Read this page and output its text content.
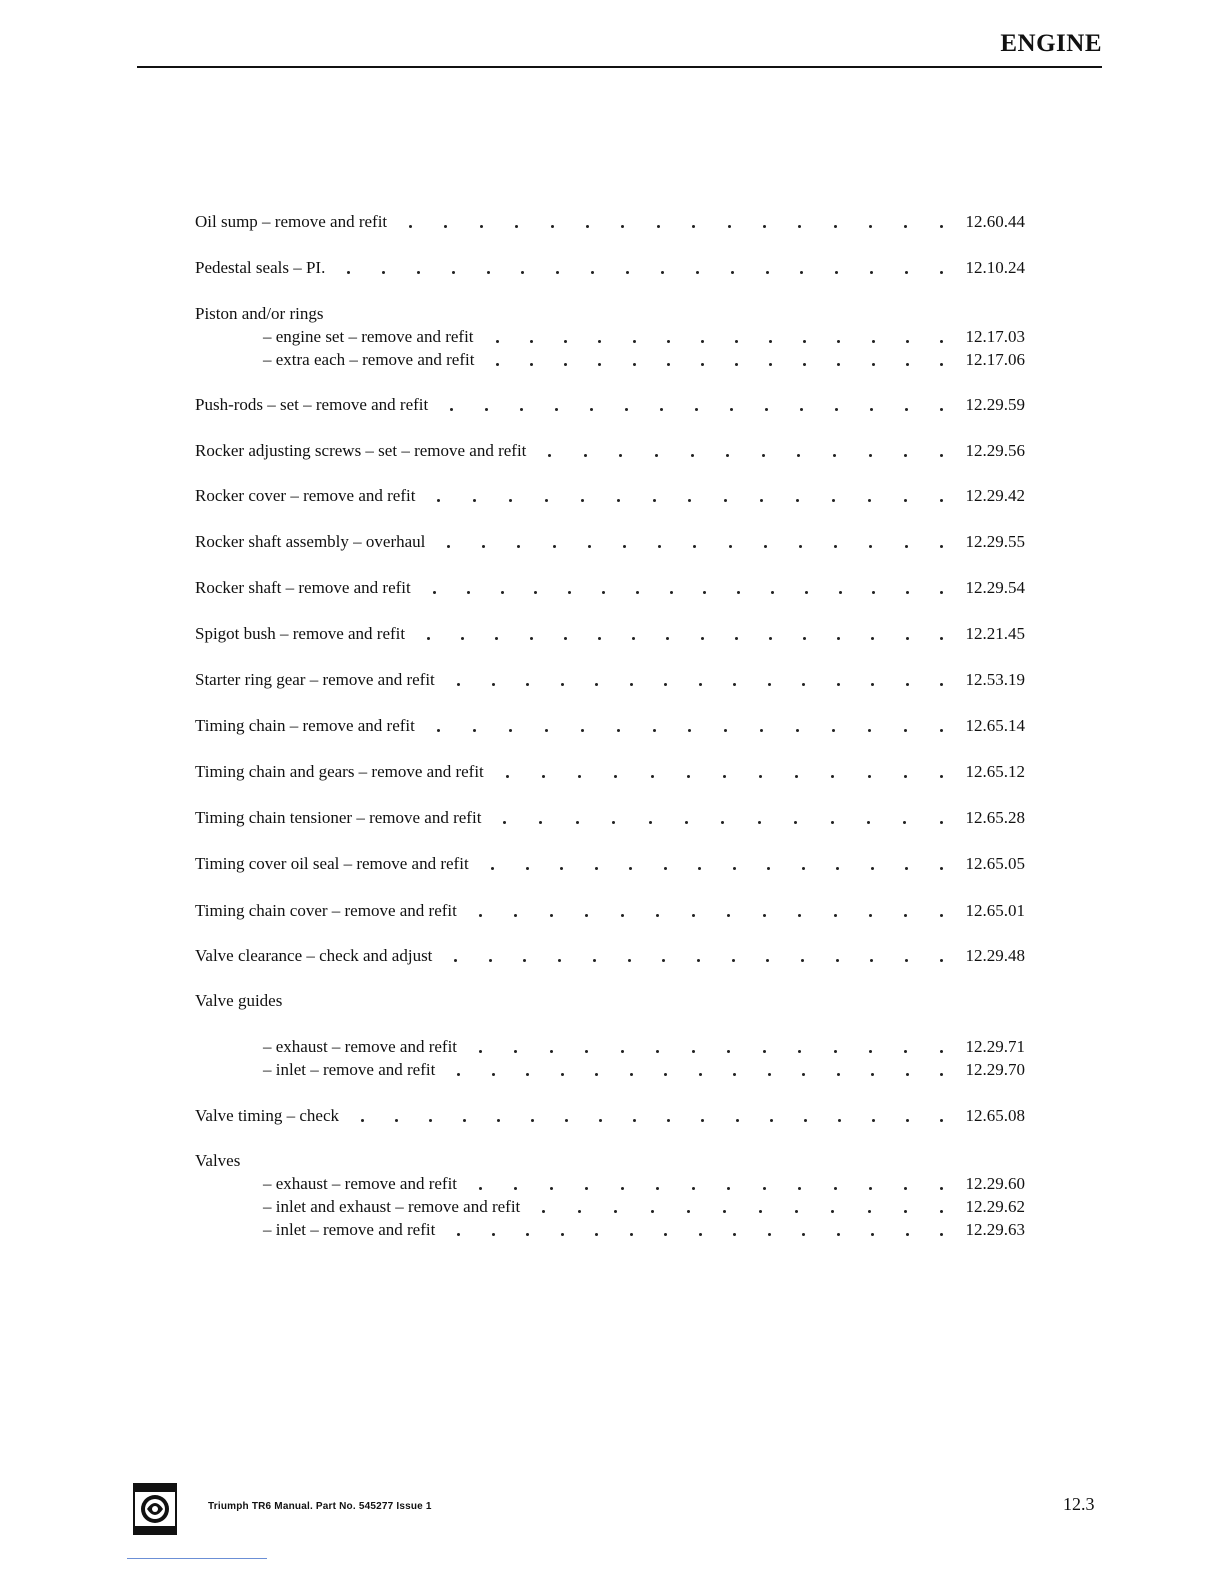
ENGINE
Oil sump – remove and refit	12.60.44
Pedestal seals – PI.	12.10.24
Piston and/or rings
– engine set – remove and refit	12.17.03
– extra each – remove and refit	12.17.06
Push-rods – set – remove and refit	12.29.59
Rocker adjusting screws – set – remove and refit	12.29.56
Rocker cover – remove and refit	12.29.42
Rocker shaft assembly – overhaul	12.29.55
Rocker shaft – remove and refit	12.29.54
Spigot bush – remove and refit	12.21.45
Starter ring gear – remove and refit	12.53.19
Timing chain – remove and refit	12.65.14
Timing chain and gears – remove and refit	12.65.12
Timing chain tensioner – remove and refit	12.65.28
Timing cover oil seal – remove and refit	12.65.05
Timing chain cover – remove and refit	12.65.01
Valve clearance – check and adjust	12.29.48
Valve guides
– exhaust – remove and refit	12.29.71
– inlet – remove and refit	12.29.70
Valve timing – check	12.65.08
Valves
– exhaust – remove and refit	12.29.60
– inlet and exhaust – remove and refit	12.29.62
– inlet – remove and refit	12.29.63
Triumph TR6 Manual. Part No. 545277 Issue 1	12.3
